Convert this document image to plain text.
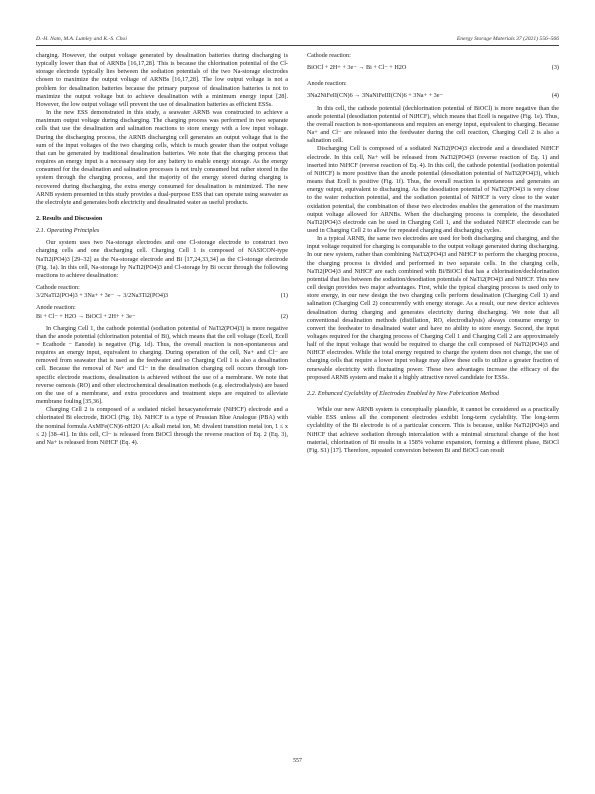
D.-H. Nam, M.A. Lumley and K.-S. Choi	Energy Storage Materials 37 (2021) 556–566

charging. However, the output voltage generated by desalination batteries during discharging is typically lower than that of ARNBs [16,17,28]. This is because the chlorination potential of the Cl-storage electrode typically lies between the sodiation potentials of the two Na-storage electrodes chosen to maximize the output voltage of ARNBs [16,17,28]. The low output voltage is not a problem for desalination batteries because the primary purpose of desalination batteries is not to maximize the output voltage but to achieve desalination with a minimum energy input [28]. However, the low output voltage will prevent the use of desalination batteries as efficient ESSs.

In the new ESS demonstrated in this study, a seawater ARNB was constructed to achieve a maximum output voltage during discharging. The charging process was performed in two separate cells that use the desalination and salination reactions to store energy with a low input voltage. During the discharging process, the ARNB discharging cell generates an output voltage that is the sum of the input voltages of the two charging cells, which is much greater than the output voltage that can be generated by traditional desalination batteries. We note that the charging process that requires an energy input is a necessary step for any battery to enable energy storage. As the energy consumed for the desalination and salination processes is not truly consumed but rather stored in the system through the charging process, and the majority of the energy stored during charging is recovered during discharging, the extra energy consumed for desalination is minimized. The new ARNB system presented in this study provides a dual-purpose ESS that can operate using seawater as the electrolyte and generates both electricity and desalinated water as useful products.

2. Results and Discussion

2.1. Operating Principles

Our system uses two Na-storage electrodes and one Cl-storage electrode to construct two charging cells and one discharging cell. Charging Cell 1 is composed of NASICON-type NaTi2(PO4)3 [29–32] as the Na-storage electrode and Bi [17,24,33,34] as the Cl-storage electrode (Fig. 1a). In this cell, Na-storage by NaTi2(PO4)3 and Cl-storage by Bi occur through the following reactions to achieve desalination:

Cathode reaction:

3/2NaTi2(PO4)3 + 3Na+ + 3e− → 3/2Na3Ti2(PO4)3	(1)

Anode reaction:

Bi + Cl− + H2O → BiOCl + 2H+ + 3e−	(2)

In Charging Cell 1, the cathode potential (sodiation potential of NaTi2(PO4)3) is more negative than the anode potential (chlorination potential of Bi), which means that the cell voltage (Ecell, Ecell = Ecathode − Eanode) is negative (Fig. 1d). Thus, the overall reaction is non-spontaneous and requires an energy input, equivalent to charging. During operation of the cell, Na+ and Cl− are removed from seawater that is used as the feedwater and so Charging Cell 1 is also a desalination cell. Because the removal of Na+ and Cl− in the desalination charging cell occurs through ion-specific electrode reactions, desalination is achieved without the use of a membrane. We note that reverse osmosis (RO) and other electrochemical desalination methods (e.g. electrodialysis) are based on the use of a membrane, and extra procedures and treatment steps are required to alleviate membrane fouling [35,36].

Charging Cell 2 is composed of a sodiated nickel hexacyanoferrate (NiHCF) electrode and a chlorinated Bi electrode, BiOCl (Fig. 1b). NiHCF is a type of Prussian Blue Analogue (PBA) with the nominal formula AxMFe(CN)6·nH2O (A: alkali metal ion, M: divalent transition metal ion, 1 ≤ x ≤ 2) [38–41]. In this cell, Cl− is released from BiOCl through the reverse reaction of Eq. 2 (Eq. 3), and Na+ is released from NiHCF (Eq. 4).

Cathode reaction:

BiOCl + 2H+ + 3e− → Bi + Cl− + H2O	(3)

Anode reaction:

3Na2NiFeII(CN)6 → 3NaNiFeIII(CN)6 + 3Na+ + 3e−	(4)

In this cell, the cathode potential (dechlorination potential of BiOCl) is more negative than the anode potential (desodiation potential of NiHCF), which means that Ecell is negative (Fig. 1e). Thus, the overall reaction is non-spontaneous and requires an energy input, equivalent to charging. Because Na+ and Cl− are released into the feedwater during the cell reaction, Charging Cell 2 is also a salination cell.

Discharging Cell is composed of a sodiated NaTi2(PO4)3 electrode and a desodiated NiHCF electrode. In this cell, Na+ will be released from NaTi2(PO4)3 (reverse reaction of Eq. 1) and inserted into NiHCF (reverse reaction of Eq. 4). In this cell, the cathode potential (sodiation potential of NiHCF) is more positive than the anode potential (desodiation potential of NaTi2(PO4)3), which means that Ecell is positive (Fig. 1f). Thus, the overall reaction is spontaneous and generates an energy output, equivalent to discharging. As the desodiation potential of NaTi2(PO4)3 is very close to the water reduction potential, and the sodiation potential of NiHCF is very close to the water oxidation potential, the combination of these two electrodes enables the generation of the maximum output voltage allowed for ARNBs. When the discharging process is complete, the desodiated NaTi2(PO4)3 electrode can be used in Charging Cell 1, and the sodiated NiHCF electrode can be used in Charging Cell 2 to allow for repeated charging and discharging cycles.

In a typical ARNB, the same two electrodes are used for both discharging and charging, and the input voltage required for charging is comparable to the output voltage generated during discharging. In our new system, rather than combining NaTi2(PO4)3 and NiHCF to perform the charging process, the charging process is divided and performed in two separate cells. In the charging cells, NaTi2(PO4)3 and NiHCF are each combined with Bi/BiOCl that has a chlorination/dechlorination potential that lies between the sodiation/desodiation potentials of NaTi2(PO4)3 and NiHCF. This new cell design provides two major advantages. First, while the typical charging process is used only to store energy, in our new design the two charging cells perform desalination (Charging Cell 1) and salination (Charging Cell 2) concurrently with energy storage. As a result, our new device achieves desalination during charging and generates electricity during discharging. We note that all conventional desalination methods (distillation, RO, electrodialysis) always consume energy to convert the feedwater to desalinated water and have no ability to store energy. Second, the input voltages required for the charging process of Charging Cell 1 and Charging Cell 2 are approximately half of the input voltage that would be required to charge the cell composed of NaTi2(PO4)3 and NiHCF electrodes. While the total energy required to charge the system does not change, the use of charging cells that require a lower input voltage may allow these cells to utilize a greater fraction of renewable electricity with fluctuating power. These two advantages increase the efficacy of the proposed ARNB system and make it a highly attractive novel candidate for ESSs.

2.2. Enhanced Cyclability of Electrodes Enabled by New Fabrication Method

While our new ARNB system is conceptually plausible, it cannot be considered as a practically viable ESS unless all the component electrodes exhibit long-term cyclability. The long-term cyclability of the Bi electrode is of a particular concern. This is because, unlike NaTi2(PO4)3 and NiHCF that achieve sodiation through intercalation with a minimal structural change of the host material, chlorination of Bi results in a 158% volume expansion, forming a different phase, BiOCl (Fig. S1) [17]. Therefore, repeated conversion between Bi and BiOCl can result

557
